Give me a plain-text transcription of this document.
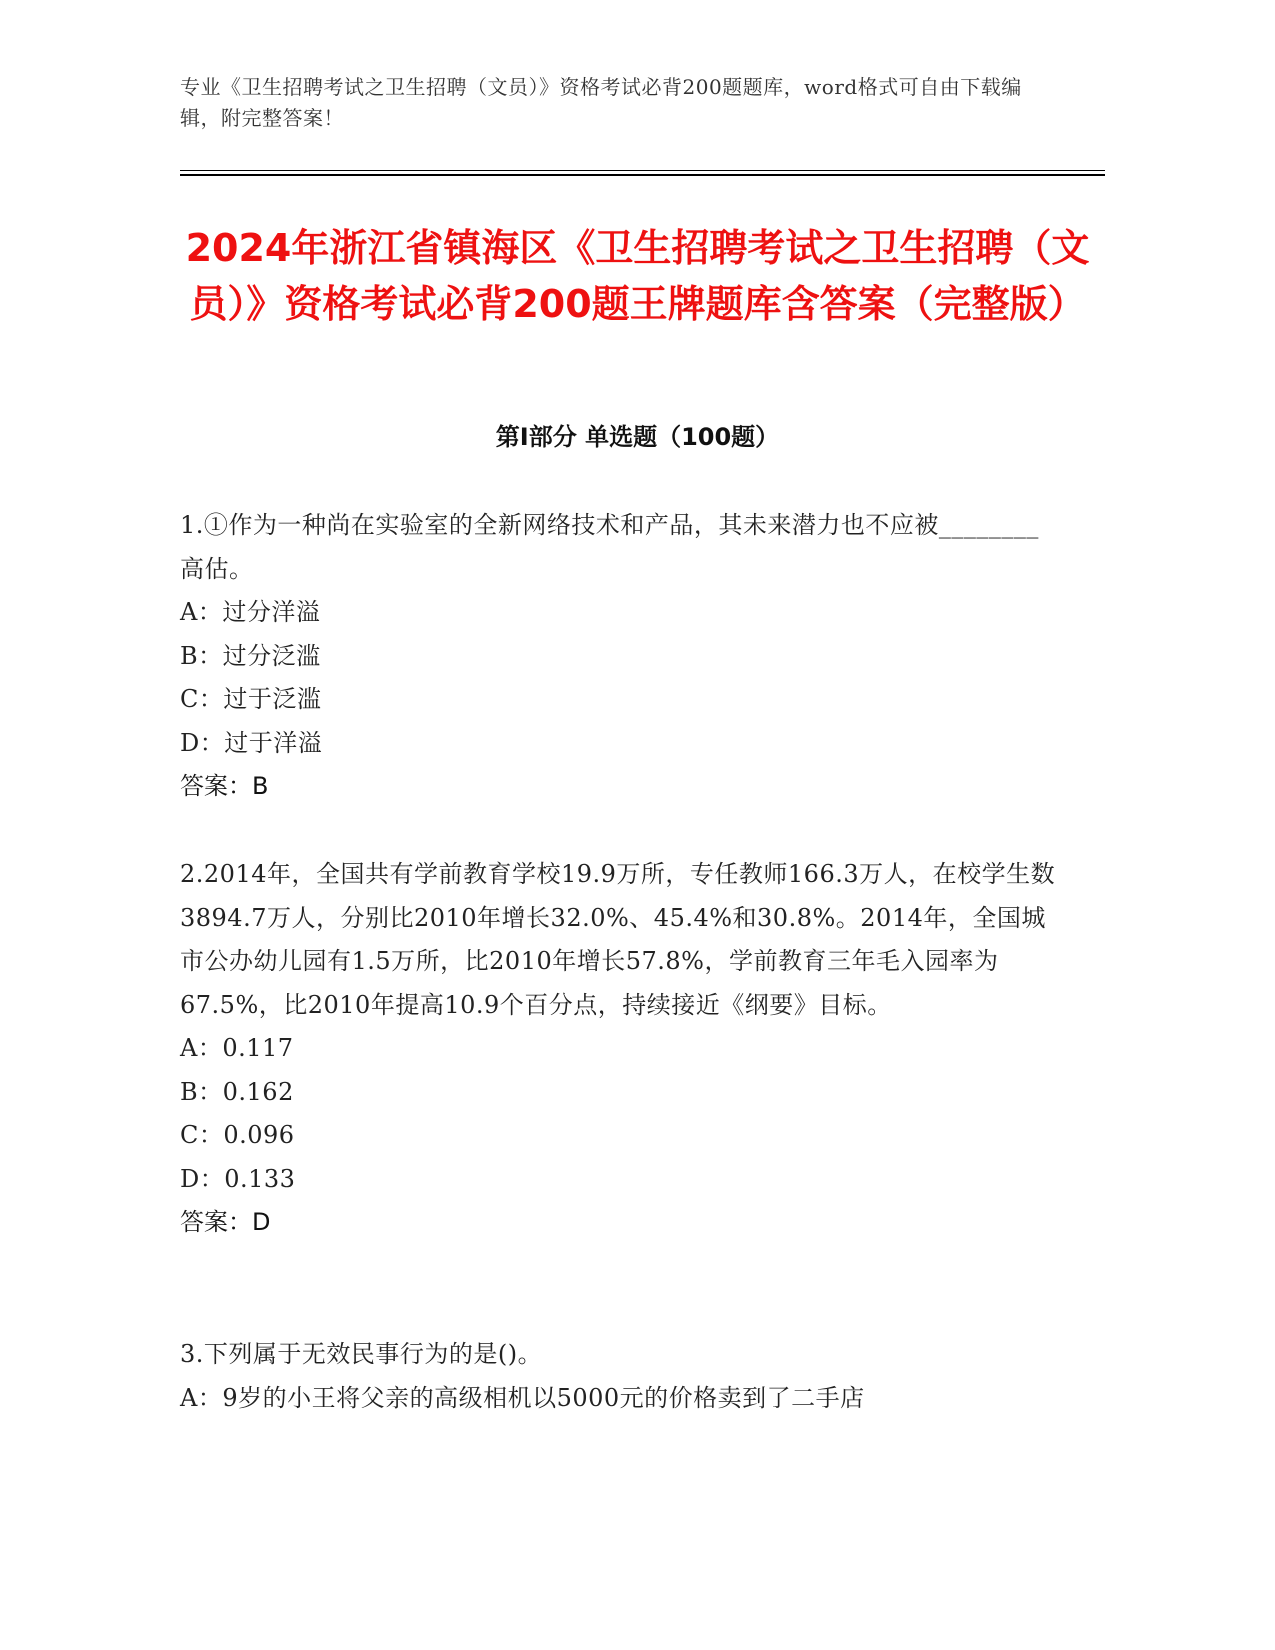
专业《卫生招聘考试之卫生招聘（文员）》资格考试必背200题题库，word格式可自由下载编辑，附完整答案！
2024年浙江省镇海区《卫生招聘考试之卫生招聘（文员）》资格考试必背200题王牌题库含答案（完整版）
第Ⅰ部分 单选题（100题）

1.①作为一种尚在实验室的全新网络技术和产品，其未来潜力也不应被________高估。

A：过分洋溢

B：过分泛滥

C：过于泛滥

D：过于洋溢

答案：B

2.2014年，全国共有学前教育学校19.9万所，专任教师166.3万人，在校学生数3894.7万人，分别比2010年增长32.0%、45.4%和30.8%。2014年，全国城市公办幼儿园有1.5万所，比2010年增长57.8%，学前教育三年毛入园率为67.5%，比2010年提高10.9个百分点，持续接近《纲要》目标。

A：0.117

B：0.162

C：0.096

D：0.133

答案：D

3.下列属于无效民事行为的是()。

A：9岁的小王将父亲的高级相机以5000元的价格卖到了二手店
